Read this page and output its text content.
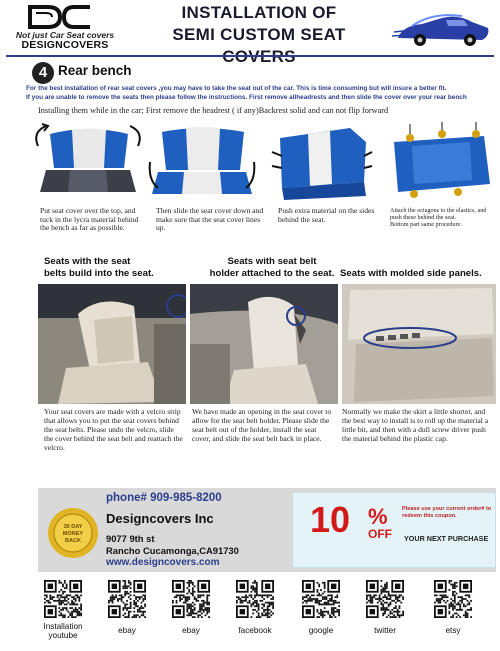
Not just Car Seat covers
DESIGNCOVERS
INSTALLATION OF
SEMI CUSTOM SEAT
4 Rear bench
For the best installation of rear seat covers ,you may have to take the seat out of the car. This is time consuming but will insure a better fit.
If you are unable to remove the seats then please follow the instructions. First remove allheadrests and then slide the cover over your rear bench
Installing them while in the car; First remove the headrest ( if any)Backrest solid and can not flip forward
Put seat cover over the top, and tuck in the lycra material behind the bench as far as possible.
Then slide the seat cover down and make sure that the seat cover lines up.
Push extra material on the sides behind the seat.
Attach the octagons to the elastics, and push these behind the seat.
Bottom part same procedure.
Seats with the seat
belts build into the seat.
Seats with seat belt
holder attached to the seat. Seats with molded side panels.
Your seat covers are made with a velcro strip that allows you to put the seat covers behind the seat belts. Please undo the velcro, slide the cover behind the seat belt and reattach the velcro.
We have made an opening in the seat cover to allow for the seat belt holder. Please slide the seat belt out of the holder, install the seat cover, and slide the seat belt back in place.
Normally we make the skirt a little shorter, and the best way to install is to roll up the material a little bit, and then with a dull screw driver push the material behind the plastic cap.
30 DAY
MONEY
BACK
phone# 909-985-8200
Designcovers Inc
9077 9th st
Rancho Cucamonga,CA91730
www.designcovers.com
10 %
OFF
Please use your current order# to redeem this coupon.
YOUR NEXT PURCHASE
Installation
youtube
ebay	ebay	facebook	google	twitter	etsy
